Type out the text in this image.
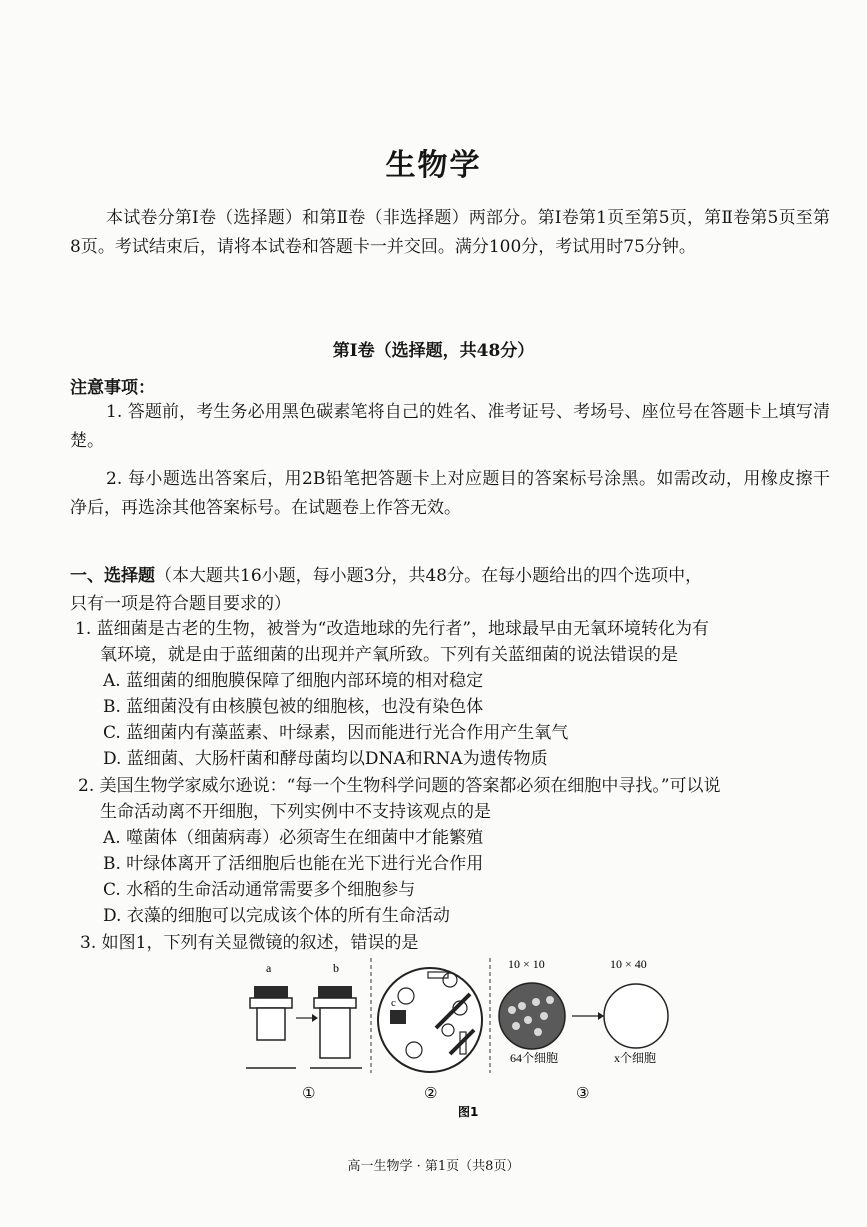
生物学
本试卷分第Ⅰ卷（选择题）和第Ⅱ卷（非选择题）两部分。第Ⅰ卷第1页至第5页，第Ⅱ卷第5页至第8页。考试结束后，请将本试卷和答题卡一并交回。满分100分，考试用时75分钟。
第Ⅰ卷（选择题，共48分）
注意事项：
1. 答题前，考生务必用黑色碳素笔将自己的姓名、准考证号、考场号、座位号在答题卡上填写清楚。
2. 每小题选出答案后，用2B铅笔把答题卡上对应题目的答案标号涂黑。如需改动，用橡皮擦干净后，再选涂其他答案标号。在试题卷上作答无效。
一、选择题（本大题共16小题，每小题3分，共48分。在每小题给出的四个选项中，
只有一项是符合题目要求的）
1. 蓝细菌是古老的生物，被誉为“改造地球的先行者”，地球最早由无氧环境转化为有
氧环境，就是由于蓝细菌的出现并产氧所致。下列有关蓝细菌的说法错误的是
A. 蓝细菌的细胞膜保障了细胞内部环境的相对稳定
B. 蓝细菌没有由核膜包被的细胞核，也没有染色体
C. 蓝细菌内有藻蓝素、叶绿素，因而能进行光合作用产生氧气
D. 蓝细菌、大肠杆菌和酵母菌均以DNA和RNA为遗传物质
2. 美国生物学家威尔逊说：“每一个生物科学问题的答案都必须在细胞中寻找。”可以说
生命活动离不开细胞，下列实例中不支持该观点的是
A. 噬菌体（细菌病毒）必须寄生在细菌中才能繁殖
B. 叶绿体离开了活细胞后也能在光下进行光合作用
C. 水稻的生命活动通常需要多个细胞参与
D. 衣藻的细胞可以完成该个体的所有生命活动
3. 如图1，下列有关显微镜的叙述，错误的是
a	b
c
10 × 10	10 × 40
64个细胞	x个细胞
①	②	③
图1
高一生物学 · 第1页（共8页）
